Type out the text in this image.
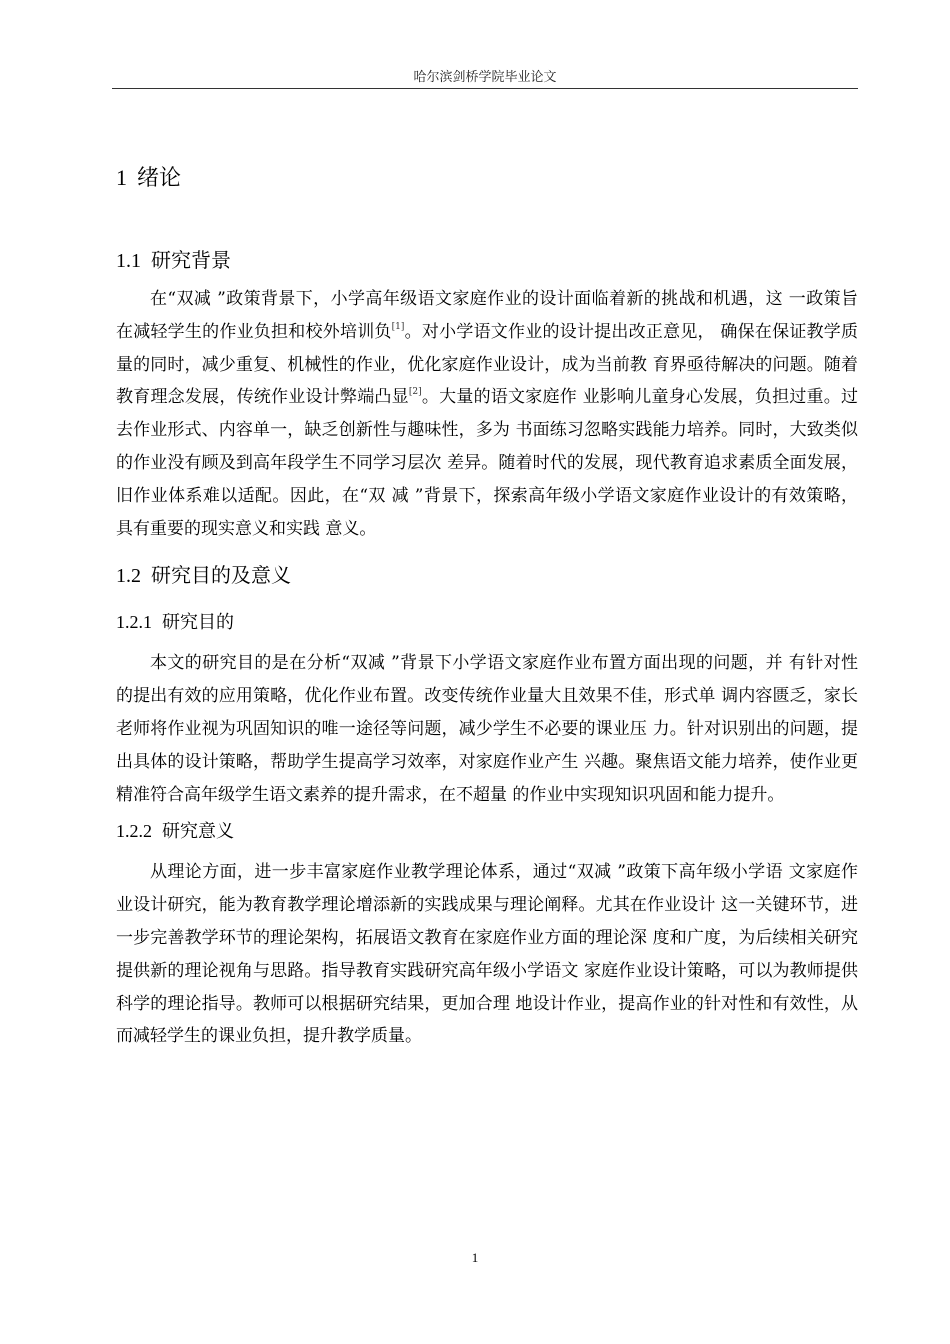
哈尔滨剑桥学院毕业论文
1 绪论
1.1 研究背景

在“双减 ”政策背景下，小学高年级语文家庭作业的设计面临着新的挑战和机遇，这 一政策旨在减轻学生的作业负担和校外培训负[1]。对小学语文作业的设计提出改正意见， 确保在保证教学质量的同时，减少重复、机械性的作业，优化家庭作业设计，成为当前教 育界亟待解决的问题。随着教育理念发展，传统作业设计弊端凸显[2]。大量的语文家庭作 业影响儿童身心发展，负担过重。过去作业形式、内容单一，缺乏创新性与趣味性，多为 书面练习忽略实践能力培养。同时，大致类似的作业没有顾及到高年段学生不同学习层次 差异。随着时代的发展，现代教育追求素质全面发展，旧作业体系难以适配。因此，在“双 减 ”背景下，探索高年级小学语文家庭作业设计的有效策略，具有重要的现实意义和实践 意义。

1.2 研究目的及意义
1.2.1 研究目的

本文的研究目的是在分析“双减 ”背景下小学语文家庭作业布置方面出现的问题，并 有针对性的提出有效的应用策略，优化作业布置。改变传统作业量大且效果不佳，形式单 调内容匮乏，家长老师将作业视为巩固知识的唯一途径等问题，减少学生不必要的课业压 力。针对识别出的问题，提出具体的设计策略，帮助学生提高学习效率，对家庭作业产生 兴趣。聚焦语文能力培养，使作业更精准符合高年级学生语文素养的提升需求，在不超量 的作业中实现知识巩固和能力提升。

1.2.2 研究意义

从理论方面，进一步丰富家庭作业教学理论体系，通过“双减 ”政策下高年级小学语 文家庭作业设计研究，能为教育教学理论增添新的实践成果与理论阐释。尤其在作业设计 这一关键环节，进一步完善教学环节的理论架构，拓展语文教育在家庭作业方面的理论深 度和广度，为后续相关研究提供新的理论视角与思路。指导教育实践研究高年级小学语文 家庭作业设计策略，可以为教师提供科学的理论指导。教师可以根据研究结果，更加合理 地设计作业，提高作业的针对性和有效性，从而减轻学生的课业负担，提升教学质量。

1
